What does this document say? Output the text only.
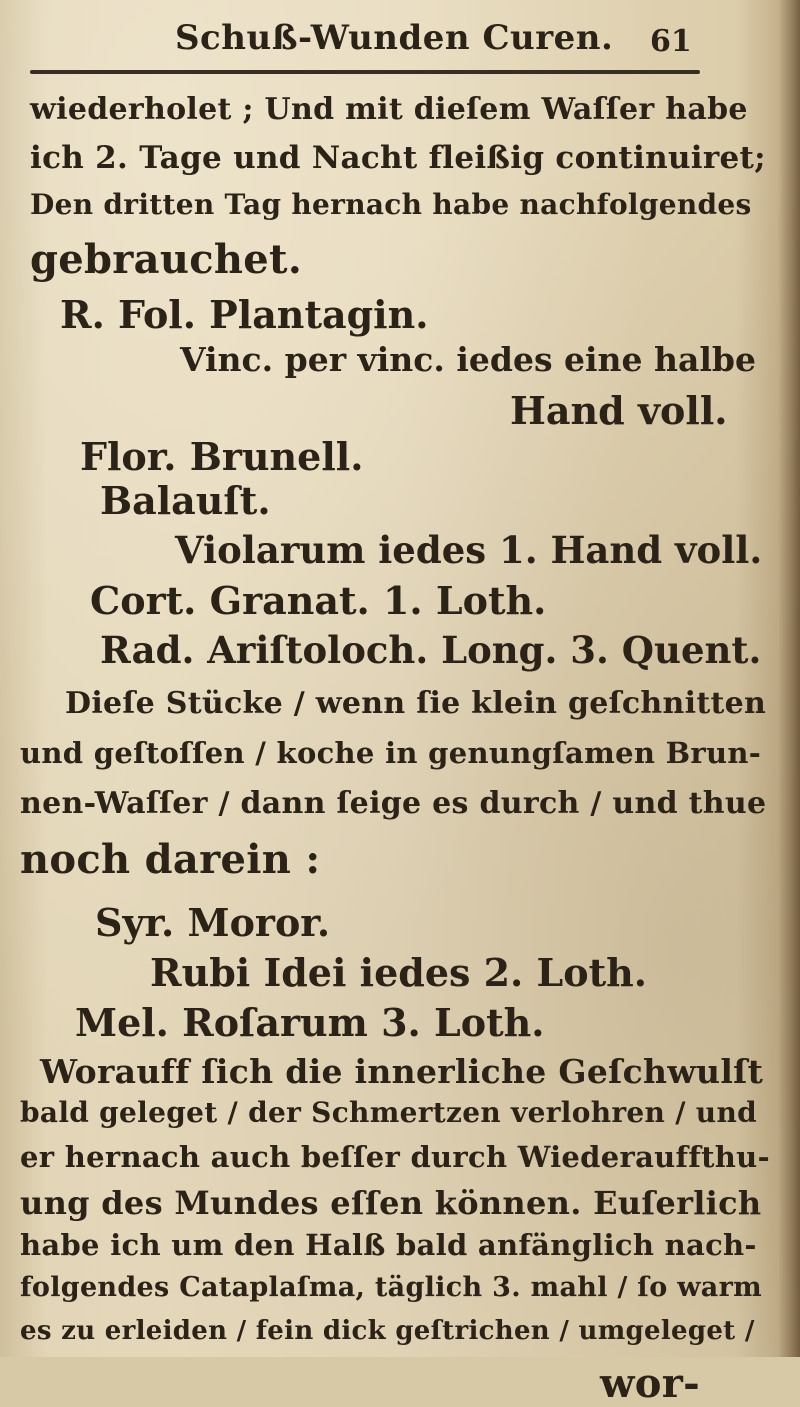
Schuß-Wunden Curen. 61
wiederholet ; Und mit dieſem Waſſer habe
ich 2. Tage und Nacht fleißig continuiret;
Den dritten Tag hernach habe nachfolgendes
gebrauchet.
R. Fol. Plantagin.
Vinc. per vinc. iedes eine halbe
Hand voll.
Flor. Brunell.
Balauſt.
Violarum iedes 1. Hand voll.
Cort. Granat. 1. Loth.
Rad. Ariſtoloch. Long. 3. Quent.
Dieſe Stücke / wenn ſie klein geſchnitten
und geſtoſſen / koche in genungſamen Brun-
nen-Waſſer / dann ſeige es durch / und thue
noch darein :
Syr. Moror.
Rubi Idei iedes 2. Loth.
Mel. Roſarum 3. Loth.
Worauff ſich die innerliche Geſchwulſt
bald geleget / der Schmertzen verlohren / und
er hernach auch beſſer durch Wiederauffthu-
ung des Mundes eſſen können. Euſerlich
habe ich um den Halß bald anfänglich nach-
folgendes Cataplaſma, täglich 3. mahl / ſo warm
es zu erleiden / fein dick geſtrichen / umgeleget /
wor-
